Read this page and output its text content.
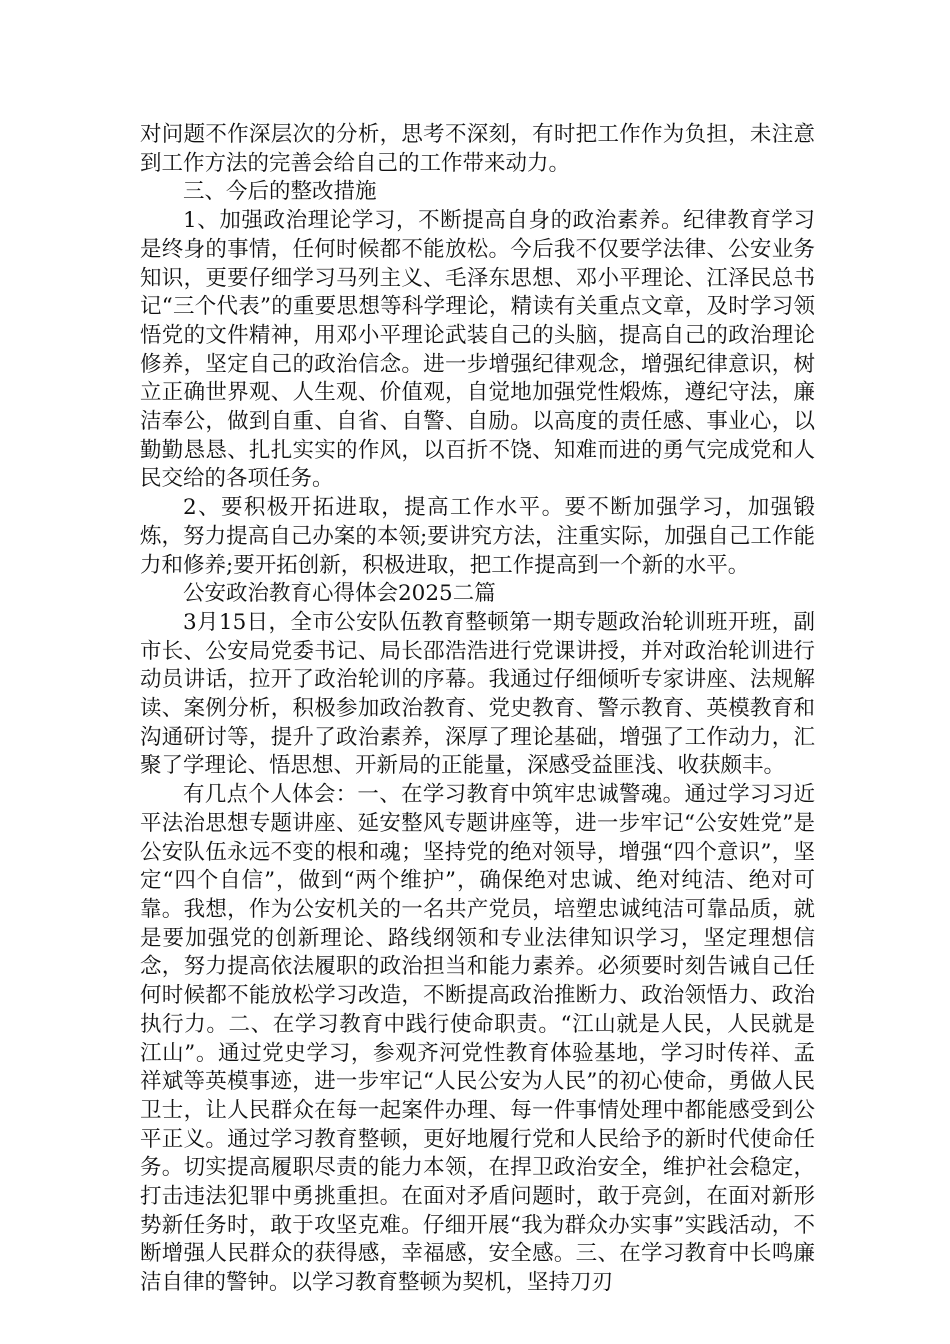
对问题不作深层次的分析，思考不深刻，有时把工作作为负担，未注意到工作方法的完善会给自己的工作带来动力。

三、今后的整改措施

1、加强政治理论学习，不断提高自身的政治素养。纪律教育学习是终身的事情，任何时候都不能放松。今后我不仅要学法律、公安业务知识，更要仔细学习马列主义、毛泽东思想、邓小平理论、江泽民总书记“三个代表”的重要思想等科学理论，精读有关重点文章，及时学习领悟党的文件精神，用邓小平理论武装自己的头脑，提高自己的政治理论修养，坚定自己的政治信念。进一步增强纪律观念，增强纪律意识，树立正确世界观、人生观、价值观，自觉地加强党性煅炼，遵纪守法，廉洁奉公，做到自重、自省、自警、自励。以高度的责任感、事业心，以勤勤恳恳、扎扎实实的作风，以百折不饶、知难而进的勇气完成党和人民交给的各项任务。

2、要积极开拓进取，提高工作水平。要不断加强学习，加强锻炼，努力提高自己办案的本领;要讲究方法，注重实际，加强自己工作能力和修养;要开拓创新，积极进取，把工作提高到一个新的水平。

公安政治教育心得体会2025二篇

3月15日，全市公安队伍教育整顿第一期专题政治轮训班开班，副市长、公安局党委书记、局长邵浩浩进行党课讲授，并对政治轮训进行动员讲话，拉开了政治轮训的序幕。我通过仔细倾听专家讲座、法规解读、案例分析，积极参加政治教育、党史教育、警示教育、英模教育和沟通研讨等，提升了政治素养，深厚了理论基础，增强了工作动力，汇聚了学理论、悟思想、开新局的正能量，深感受益匪浅、收获颇丰。

有几点个人体会：一、在学习教育中筑牢忠诚警魂。通过学习习近平法治思想专题讲座、延安整风专题讲座等，进一步牢记“公安姓党”是公安队伍永远不变的根和魂；坚持党的绝对领导，增强“四个意识”，坚定“四个自信”，做到“两个维护”，确保绝对忠诚、绝对纯洁、绝对可靠。我想，作为公安机关的一名共产党员，培塑忠诚纯洁可靠品质，就是要加强党的创新理论、路线纲领和专业法律知识学习，坚定理想信念，努力提高依法履职的政治担当和能力素养。必须要时刻告诫自己任何时候都不能放松学习改造，不断提高政治推断力、政治领悟力、政治执行力。二、在学习教育中践行使命职责。“江山就是人民，人民就是江山”。通过党史学习，参观齐河党性教育体验基地，学习时传祥、孟祥斌等英模事迹，进一步牢记“人民公安为人民”的初心使命，勇做人民卫士，让人民群众在每一起案件办理、每一件事情处理中都能感受到公平正义。通过学习教育整顿，更好地履行党和人民给予的新时代使命任务。切实提高履职尽责的能力本领，在捍卫政治安全，维护社会稳定，打击违法犯罪中勇挑重担。在面对矛盾问题时，敢于亮剑，在面对新形势新任务时，敢于攻坚克难。仔细开展“我为群众办实事”实践活动，不断增强人民群众的获得感，幸福感，安全感。三、在学习教育中长鸣廉洁自律的警钟。以学习教育整顿为契机，坚持刀刃
